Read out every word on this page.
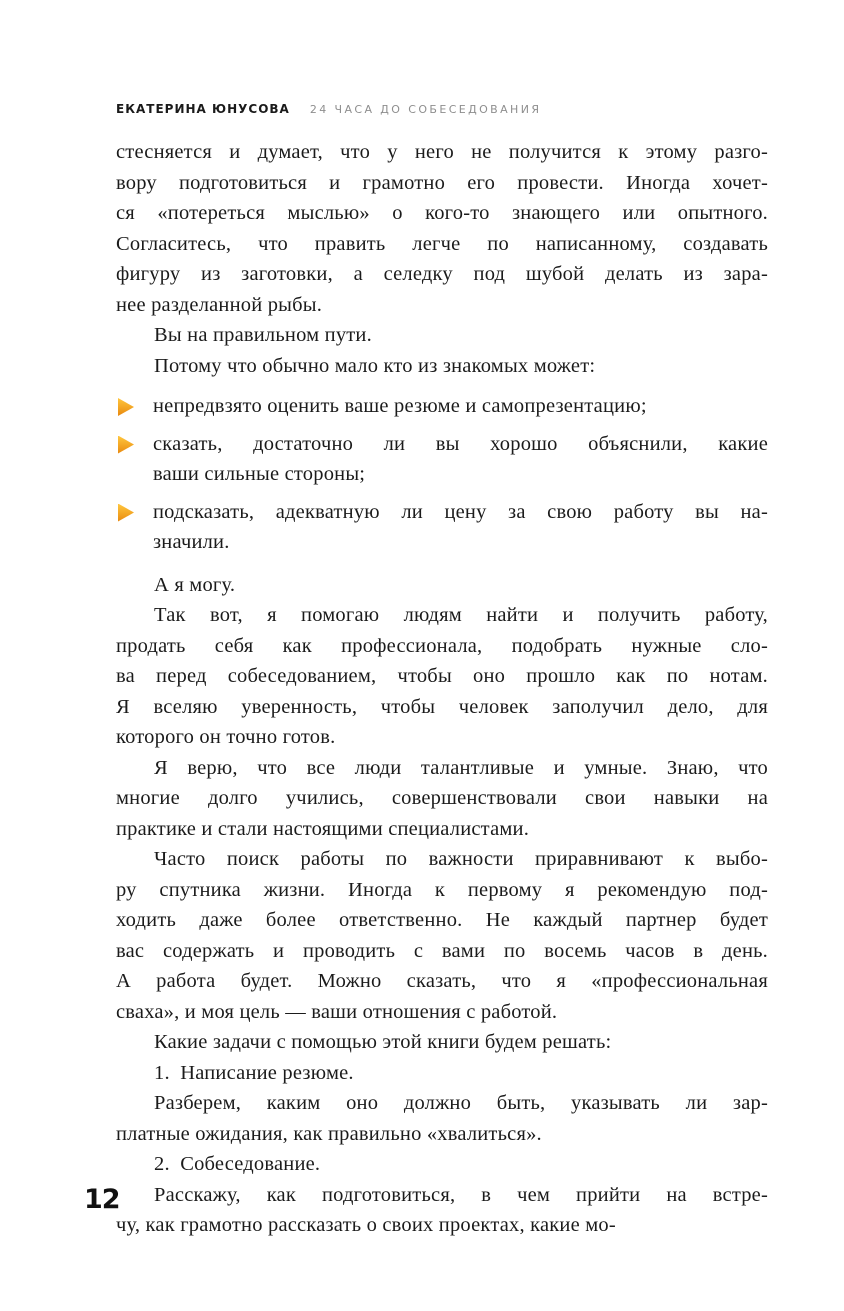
ЕКАТЕРИНА ЮНУСОВА 24 ЧАСА ДО СОБЕСЕДОВАНИЯ
стесняется и думает, что у него не получится к этому разго-
вору подготовиться и грамотно его провести. Иногда хочет-
ся «потереться мыслью» о кого-то знающего или опытного.
Согласитесь, что править легче по написанному, создавать
фигуру из заготовки, а селедку под шубой делать из зара-
нее разделанной рыбы.
Вы на правильном пути.
Потому что обычно мало кто из знакомых может:
непредвзято оценить ваше резюме и самопрезентацию;
сказать, достаточно ли вы хорошо объяснили, какие
ваши сильные стороны;
подсказать, адекватную ли цену за свою работу вы на-
значили.
А я могу.
Так вот, я помогаю людям найти и получить работу,
продать себя как профессионала, подобрать нужные сло-
ва перед собеседованием, чтобы оно прошло как по нотам.
Я вселяю уверенность, чтобы человек заполучил дело, для
которого он точно готов.
Я верю, что все люди талантливые и умные. Знаю, что
многие долго учились, совершенствовали свои навыки на
практике и стали настоящими специалистами.
Часто поиск работы по важности приравнивают к выбо-
ру спутника жизни. Иногда к первому я рекомендую под-
ходить даже более ответственно. Не каждый партнер будет
вас содержать и проводить с вами по восемь часов в день.
А работа будет. Можно сказать, что я «профессиональная
сваха», и моя цель — ваши отношения с работой.
Какие задачи с помощью этой книги будем решать:
1. Написание резюме.
Разберем, каким оно должно быть, указывать ли зар-
платные ожидания, как правильно «хвалиться».
2. Собеседование.
Расскажу, как подготовиться, в чем прийти на встре-
чу, как грамотно рассказать о своих проектах, какие мо-
12
